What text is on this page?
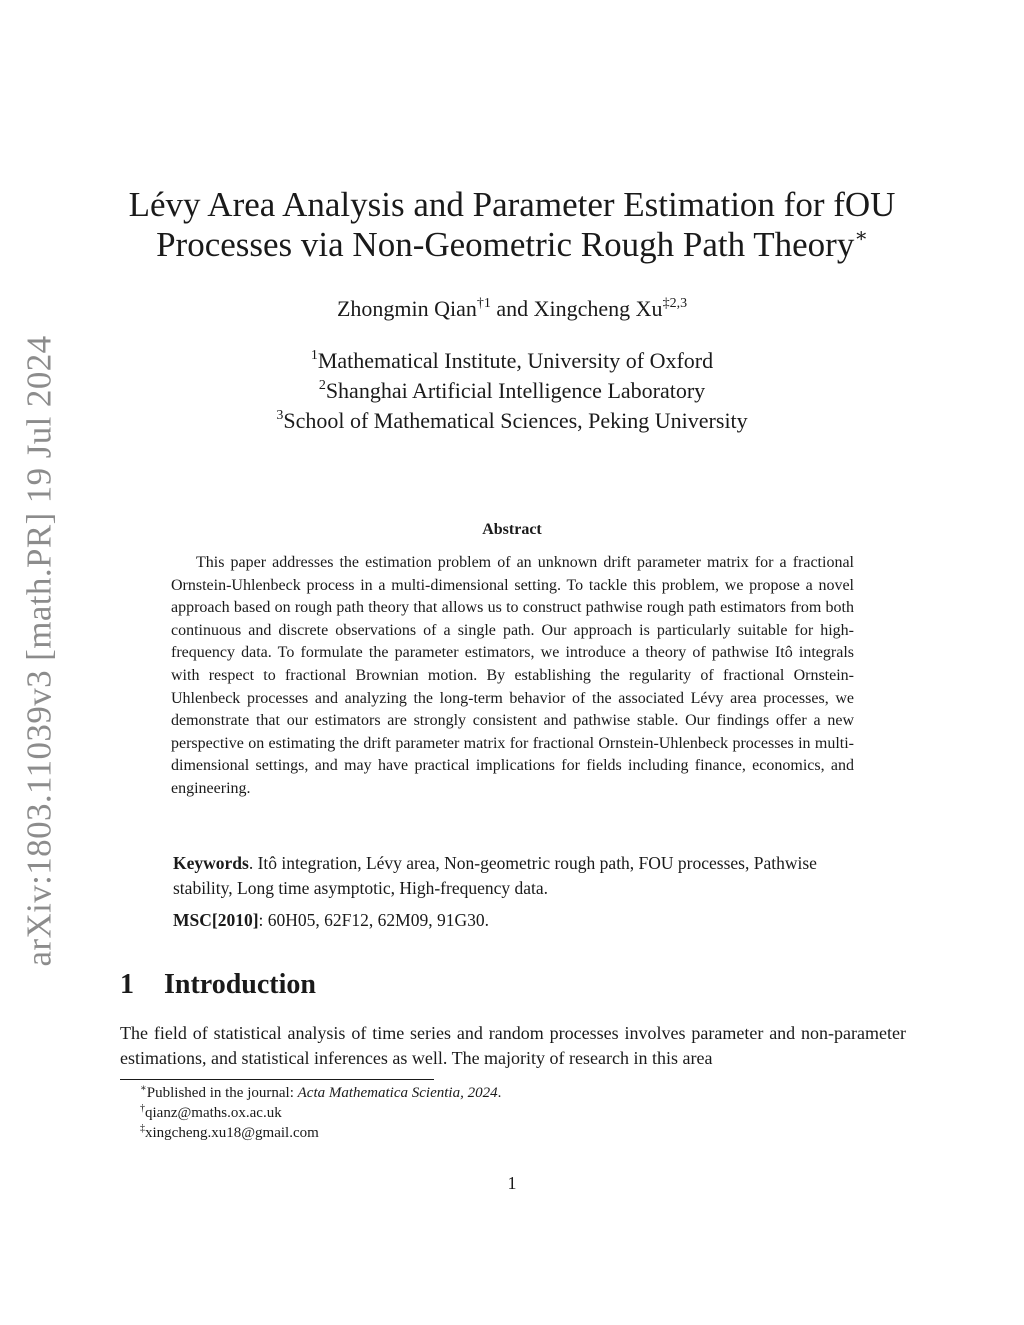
arXiv:1803.11039v3 [math.PR] 19 Jul 2024
Lévy Area Analysis and Parameter Estimation for fOU
Processes via Non-Geometric Rough Path Theory∗
Zhongmin Qian$^{\dagger 1}$ and Xingcheng Xu$^{\ddagger 2,3}$
$^1$Mathematical Institute, University of Oxford
$^2$Shanghai Artificial Intelligence Laboratory
$^3$School of Mathematical Sciences, Peking University
Abstract

This paper addresses the estimation problem of an unknown drift parameter matrix for a fractional Ornstein-Uhlenbeck process in a multi-dimensional setting. To tackle this problem, we propose a novel approach based on rough path theory that allows us to construct pathwise rough path estimators from both continuous and discrete observations of a single path. Our approach is particularly suitable for high-frequency data. To formulate the parameter estimators, we introduce a theory of pathwise Itô integrals with respect to fractional Brownian motion. By establishing the regularity of fractional Ornstein-Uhlenbeck processes and analyzing the long-term behavior of the associated Lévy area processes, we demonstrate that our estimators are strongly consistent and pathwise stable. Our findings offer a new perspective on estimating the drift parameter matrix for fractional Ornstein-Uhlenbeck processes in multi-dimensional settings, and may have practical implications for fields including finance, economics, and engineering.

Keywords. Itô integration, Lévy area, Non-geometric rough path, FOU processes, Pathwise stability, Long time asymptotic, High-frequency data.

MSC[2010]: 60H05, 62F12, 62M09, 91G30.

1 Introduction

The field of statistical analysis of time series and random processes involves parameter and non-parameter estimations, and statistical inferences as well. The majority of research in this area

∗Published in the journal: Acta Mathematica Scientia, 2024.
†qianz@maths.ox.ac.uk
‡xingcheng.xu18@gmail.com
1
